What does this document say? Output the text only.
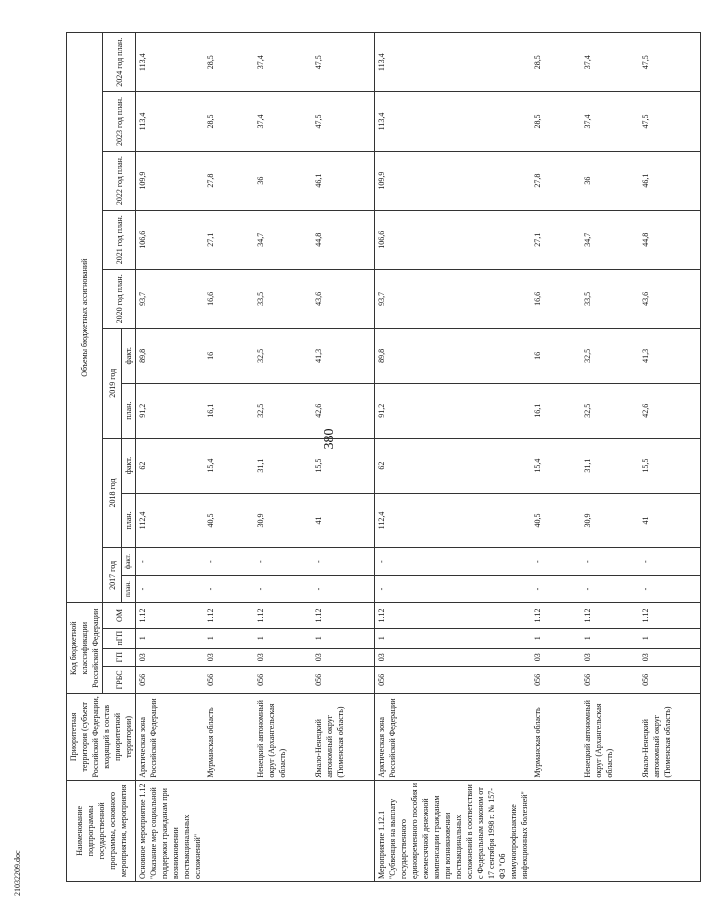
380
21032209.doc
Наименование подпрограммы государственной программы, основного мероприятия, мероприятия	Приоритетная территория (субъект Российской Федерации, входящий в состав приоритетной территории)	Код бюджетной классификации Российской Федерации				Объемы бюджетных ассигнований										
		ГРБС	ГП	пГП	ОМ	2017 год		2018 год		2019 год		2020 год план.	2021 год план.	2022 год план.	2023 год план.	2024 год план.
						план.	факт.	план.	факт.	план.	факт.					
Основное мероприятие 1.12 "Оказание мер социальной поддержки гражданам при возникновении поствакцинальных осложнений"	Арктическая зона Российской Федерации	056	03	1	1.12	-	-	112,4	62	91,2	89,8	93,7	106,6	109,9	113,4	113,4
	Мурманская область	056	03	1	1.12	-	-	40,5	15,4	16,1	16	16,6	27,1	27,8	28,5	28,5
	Ненецкий автономный округ (Архангельская область)	056	03	1	1.12	-	-	30,9	31,1	32,5	32,5	33,5	34,7	36	37,4	37,4
	Ямало-Ненецкий автономный округ (Тюменская область)	056	03	1	1.12	-	-	41	15,5	42,6	41,3	43,6	44,8	46,1	47,5	47,5
Мероприятие 1.12.1 "Субвенция на выплату государственного единовременного пособия и ежемесячной денежной компенсации гражданам при возникновении поствакцинальных осложнений в соответствии с Федеральным законом от 17 сентября 1998 г. № 157-ФЗ "Об иммунопрофилактике инфекционных болезней"	Арктическая зона Российской Федерации	056	03	1	1.12	-	-	112,4	62	91,2	89,8	93,7	106,6	109,9	113,4	113,4
	Мурманская область	056	03	1	1.12	-	-	40,5	15,4	16,1	16	16,6	27,1	27,8	28,5	28,5
	Ненецкий автономный округ (Архангельская область)	056	03	1	1.12	-	-	30,9	31,1	32,5	32,5	33,5	34,7	36	37,4	37,4
	Ямало-Ненецкий автономный округ (Тюменская область)	056	03	1	1.12	-	-	41	15,5	42,6	41,3	43,6	44,8	46,1	47,5	47,5
